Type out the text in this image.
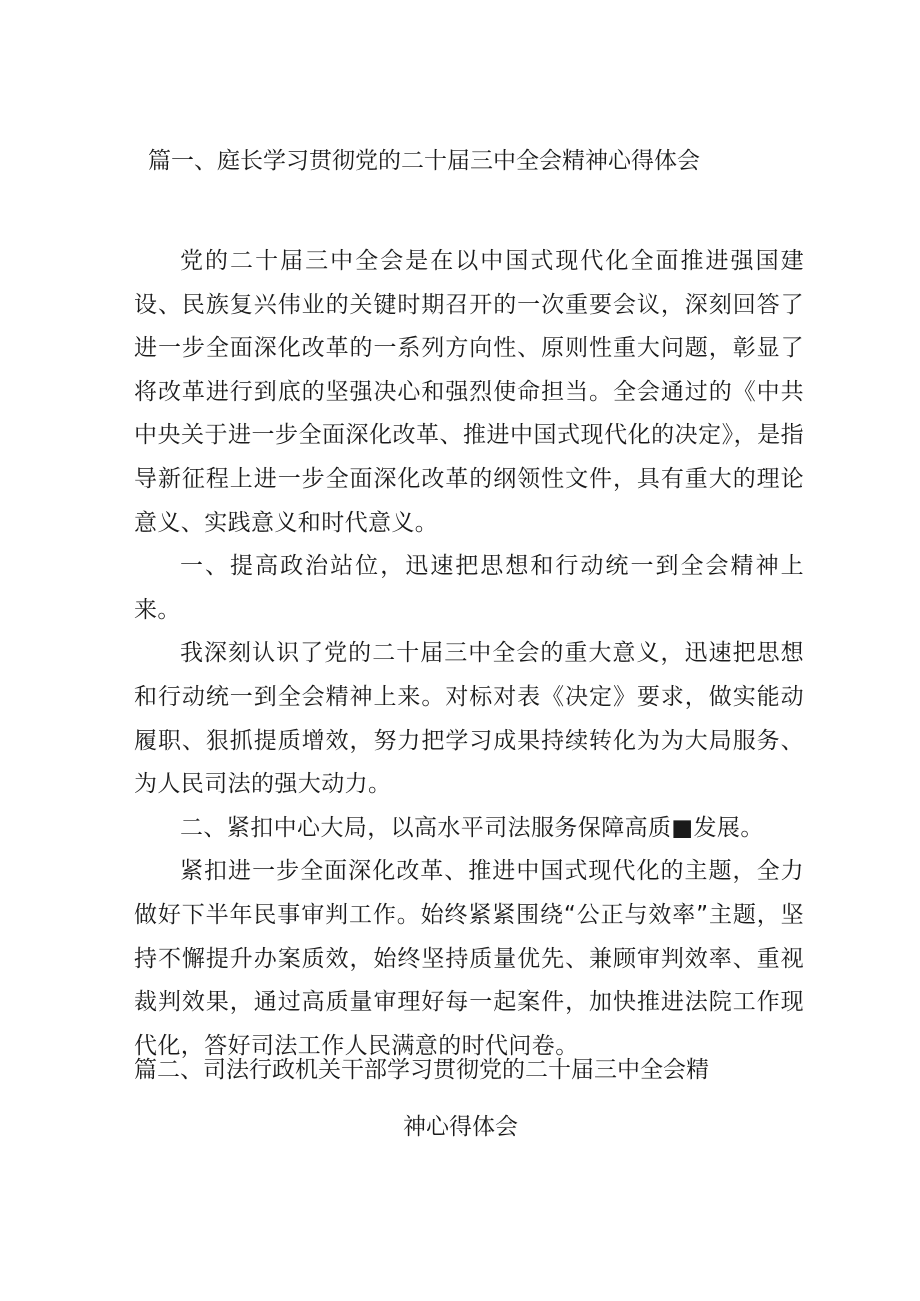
篇一、庭长学习贯彻党的二十届三中全会精神心得体会

党的二十届三中全会是在以中国式现代化全面推进强国建设、民族复兴伟业的关键时期召开的一次重要会议，深刻回答了进一步全面深化改革的一系列方向性、原则性重大问题，彰显了将改革进行到底的坚强决心和强烈使命担当。全会通过的《中共中央关于进一步全面深化改革、推进中国式现代化的决定》，是指导新征程上进一步全面深化改革的纲领性文件，具有重大的理论意义、实践意义和时代意义。

一、提高政治站位，迅速把思想和行动统一到全会精神上来。

我深刻认识了党的二十届三中全会的重大意义，迅速把思想和行动统一到全会精神上来。对标对表《决定》要求，做实能动履职、狠抓提质增效，努力把学习成果持续转化为为大局服务、为人民司法的强大动力。

二、紧扣中心大局，以高水平司法服务保障高质■发展。

紧扣进一步全面深化改革、推进中国式现代化的主题，全力做好下半年民事审判工作。始终紧紧围绕“公正与效率”主题，坚持不懈提升办案质效，始终坚持质量优先、兼顾审判效率、重视裁判效果，通过高质量审理好每一起案件，加快推进法院工作现代化，答好司法工作人民满意的时代问卷。

篇二、司法行政机关干部学习贯彻党的二十届三中全会精
神心得体会
